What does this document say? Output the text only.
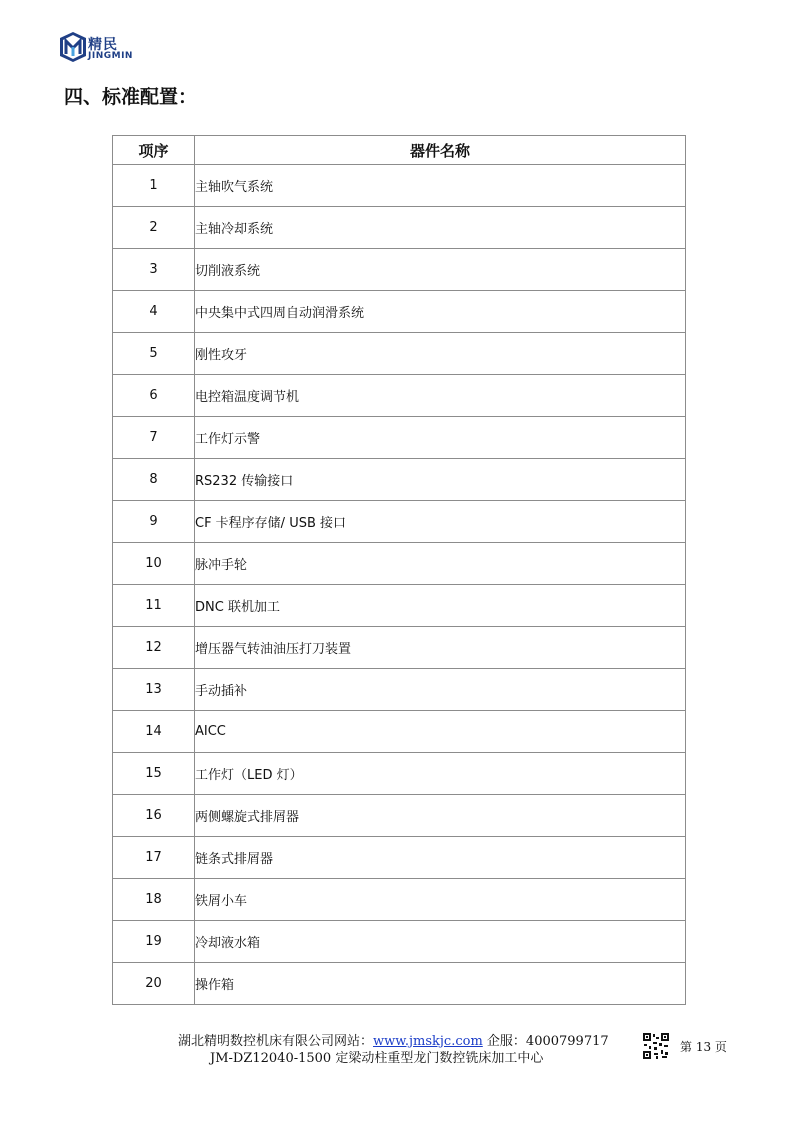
精民
JINGMIN
四、标准配置：
项序	器件名称
1	主轴吹气系统
2	主轴冷却系统
3	切削液系统
4	中央集中式四周自动润滑系统
5	刚性攻牙
6	电控箱温度调节机
7	工作灯示警
8	RS232 传输接口
9	CF 卡程序存储/ USB 接口
10	脉冲手轮
11	DNC 联机加工
12	增压器气转油油压打刀装置
13	手动插补
14	AICC
15	工作灯（LED 灯）
16	两侧螺旋式排屑器
17	链条式排屑器
18	铁屑小车
19	冷却液水箱
20	操作箱
湖北精明数控机床有限公司网站：www.jmskjc.com 企服：4000799717
JM-DZ12040-1500 定梁动柱重型龙门数控铣床加工中心
第 13 页
